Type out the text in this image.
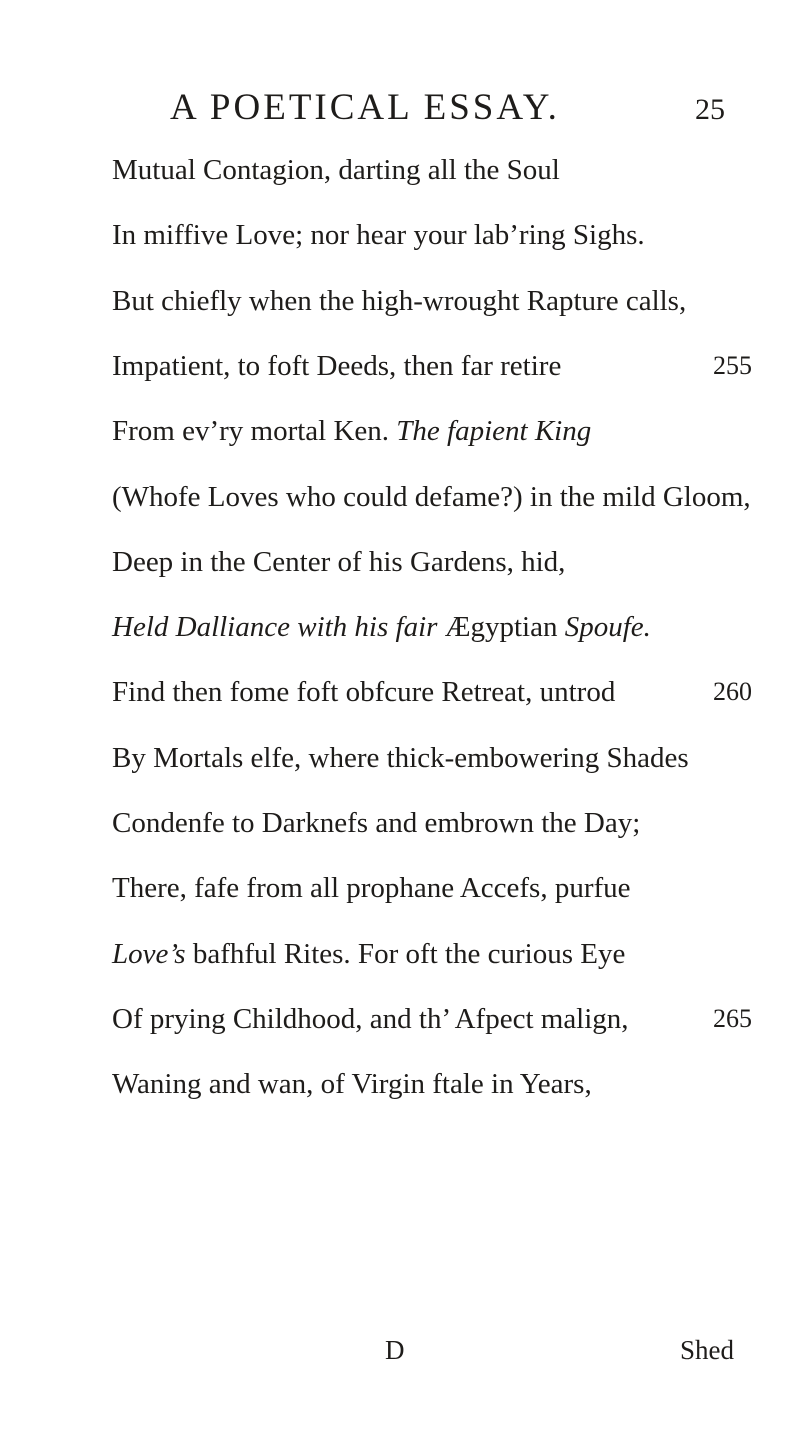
A POETICAL ESSAY.	25
Mutual Contagion, darting all the Soul
In miffive Love; nor hear your lab’ring Sighs.
But chiefly when the high-wrought Rapture calls,
Impatient, to foft Deeds, then far retire	255
From ev’ry mortal Ken. The fapient King
(Whofe Loves who could defame?) in the mild Gloom,
Deep in the Center of his Gardens, hid,
Held Dalliance with his fair Ægyptian Spoufe.
Find then fome foft obfcure Retreat, untrod	260
By Mortals elfe, where thick-embowering Shades
Condenfe to Darknefs and embrown the Day;
There, fafe from all prophane Accefs, purfue
Love’s bafhful Rites. For oft the curious Eye
Of prying Childhood, and th’ Afpect malign,	265
Waning and wan, of Virgin ftale in Years,
D	Shed
